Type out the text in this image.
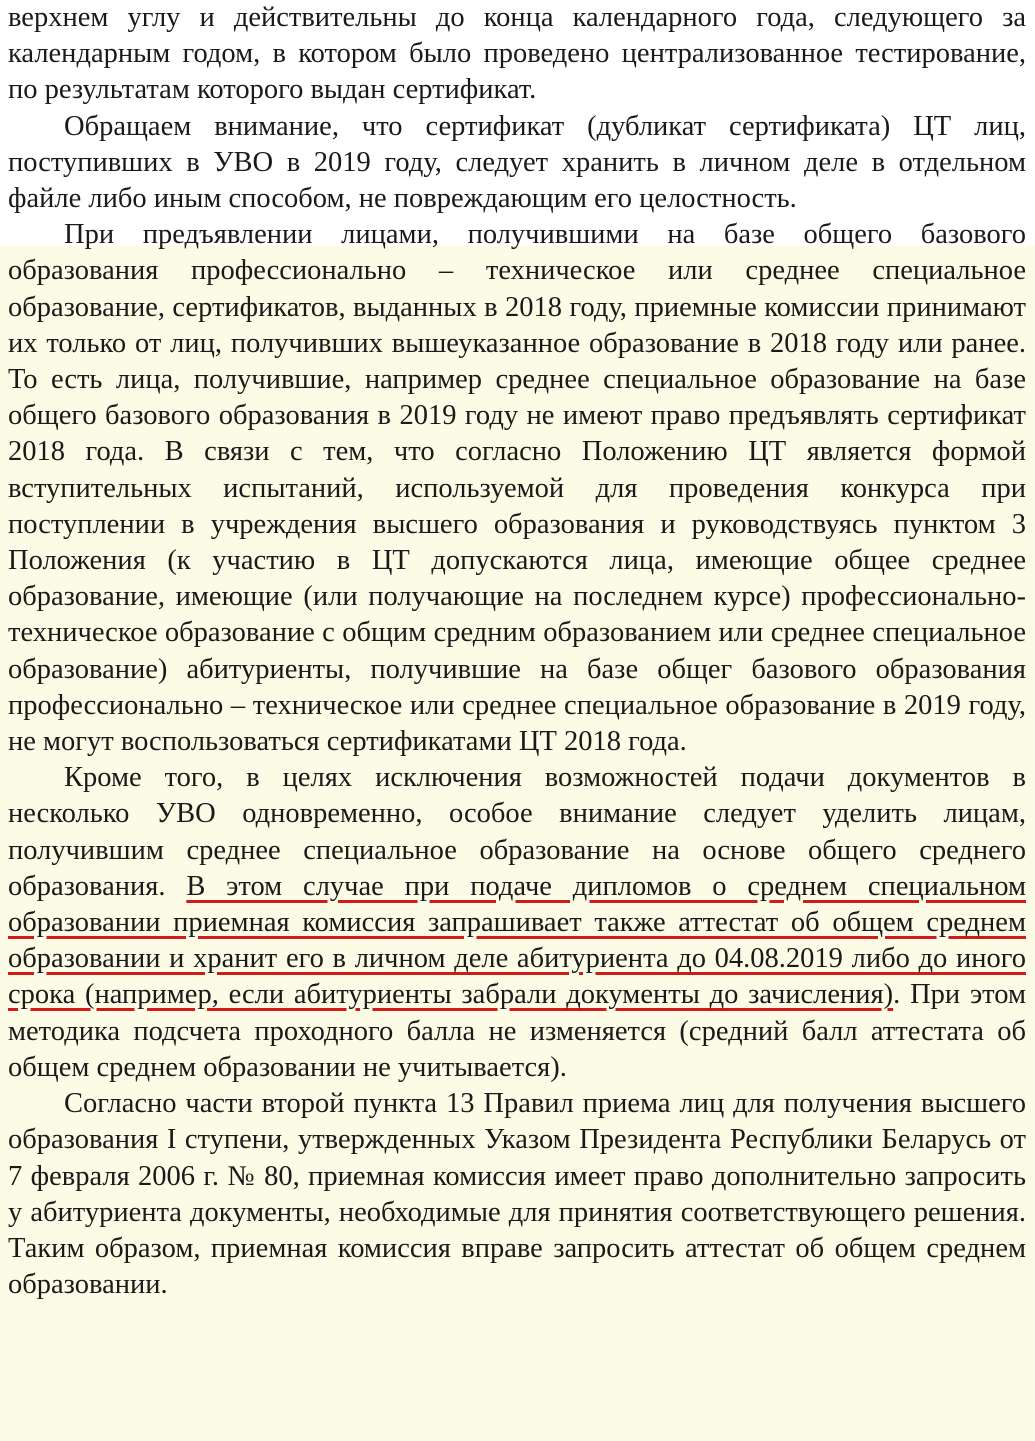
верхнем углу и действительны до конца календарного года, следующего за календарным годом, в котором было проведено централизованное тестирование, по результатам которого выдан сертификат.

Обращаем внимание, что сертификат (дубликат сертификата) ЦТ лиц, поступивших в УВО в 2019 году, следует хранить в личном деле в отдельном файле либо иным способом, не повреждающим его целостность.

При предъявлении лицами, получившими на базе общего базового образования профессионально – техническое или среднее специальное образование, сертификатов, выданных в 2018 году, приемные комиссии принимают их только от лиц, получивших вышеуказанное образование в 2018 году или ранее. То есть лица, получившие, например среднее специальное образование на базе общего базового образования в 2019 году не имеют право предъявлять сертификат 2018 года. В связи с тем, что согласно Положению ЦТ является формой вступительных испытаний, используемой для проведения конкурса при поступлении в учреждения высшего образования и руководствуясь пунктом 3 Положения (к участию в ЦТ допускаются лица, имеющие общее среднее образование, имеющие (или получающие на последнем курсе) профессионально-техническое образование с общим средним образованием или среднее специальное образование) абитуриенты, получившие на базе общег базового образования профессионально – техническое или среднее специальное образование в 2019 году, не могут воспользоваться сертификатами ЦТ 2018 года.

Кроме того, в целях исключения возможностей подачи документов в несколько УВО одновременно, особое внимание следует уделить лицам, получившим среднее специальное образование на основе общего среднего образования. В этом случае при подаче дипломов о среднем специальном образовании приемная комиссия запрашивает также аттестат об общем среднем образовании и хранит его в личном деле абитуриента до 04.08.2019 либо до иного срока (например, если абитуриенты забрали документы до зачисления). При этом методика подсчета проходного балла не изменяется (средний балл аттестата об общем среднем образовании не учитывается).

Согласно части второй пункта 13 Правил приема лиц для получения высшего образования I ступени, утвержденных Указом Президента Республики Беларусь от 7 февраля 2006 г. № 80, приемная комиссия имеет право дополнительно запросить у абитуриента документы, необходимые для принятия соответствующего решения. Таким образом, приемная комиссия вправе запросить аттестат об общем среднем образовании.
